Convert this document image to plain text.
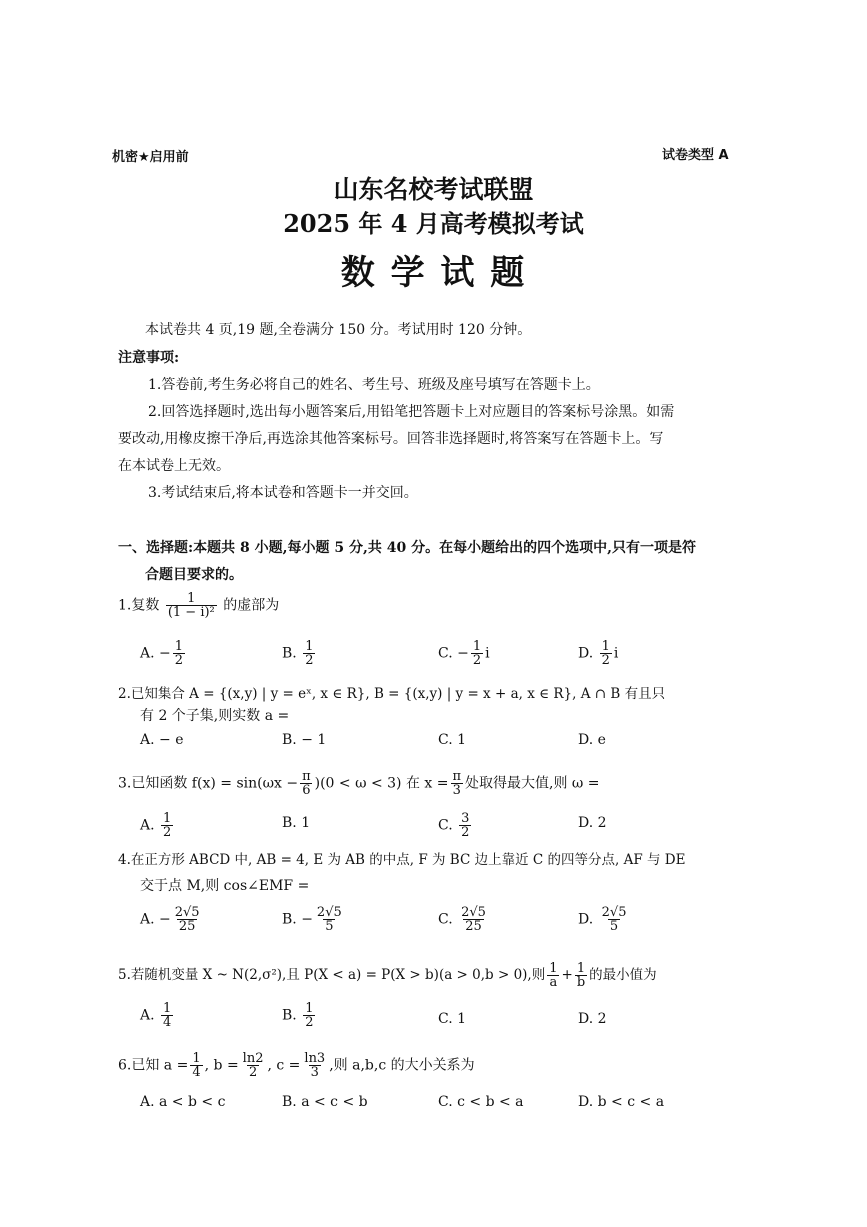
机密★启用前	试卷类型 A
山东名校考试联盟
2025 年 4 月高考模拟考试
数 学 试 题
本试卷共 4 页,19 题,全卷满分 150 分。考试用时 120 分钟。
注意事项:
1.答卷前,考生务必将自己的姓名、考生号、班级及座号填写在答题卡上。
2.回答选择题时,选出每小题答案后,用铅笔把答题卡上对应题目的答案标号涂黑。如需
要改动,用橡皮擦干净后,再选涂其他答案标号。回答非选择题时,将答案写在答题卡上。写
在本试卷上无效。
3.考试结束后,将本试卷和答题卡一并交回。
一、选择题:本题共 8 小题,每小题 5 分,共 40 分。在每小题给出的四个选项中,只有一项是符
合题目要求的。
1.复数 $\frac{1}{\text{(1 − i)²}}$ 的虚部为
A. − $\frac{1}{2}$	B. $\frac{1}{2}$	C. − $\frac{1}{2}$ i	D. $\frac{1}{2}$ i
2.已知集合 A = {(x,y) | y = eˣ, x ∈ R}, B = {(x,y) | y = x + a, x ∈ R}, A ∩ B 有且只
有 2 个子集,则实数 a =
A. − e	B. − 1	C. 1	D. e
3.已知函数 $f(x) = \sin(\omega x - \frac{\pi}{6} )(0 < \omega < 3)$ 在 $x = \frac{\pi}{3}$ 处取得最大值,则 ω =
A. $\frac{1}{2}$	B. 1	C. $\frac{3}{2}$	D. 2
4.在正方形 ABCD 中, AB = 4, E 为 AB 的中点, F 为 BC 边上靠近 C 的四等分点, AF 与 DE
交于点 M,则 cos∠EMF =
A. − $\frac{2√5}{25}$	B. − $\frac{2√5}{5}$	C. $\frac{2√5}{25}$	D. $\frac{2√5}{5}$
5.若随机变量 X ~ N(2,σ²),且 P(X < a) = P(X > b)(a > 0,b > 0),则 $\frac{1}{a} + \frac{1}{b}$ 的最小值为
A. $\frac{1}{4}$	B. $\frac{1}{2}$	C. 1	D. 2
6.已知 $a = \frac{1}{4}$ , $b = \frac{\ln 2}{2}$ , $c = \frac{\ln 3}{3}$ ,则 a,b,c 的大小关系为
A. a < b < c	B. a < c < b	C. c < b < a	D. b < c < a
